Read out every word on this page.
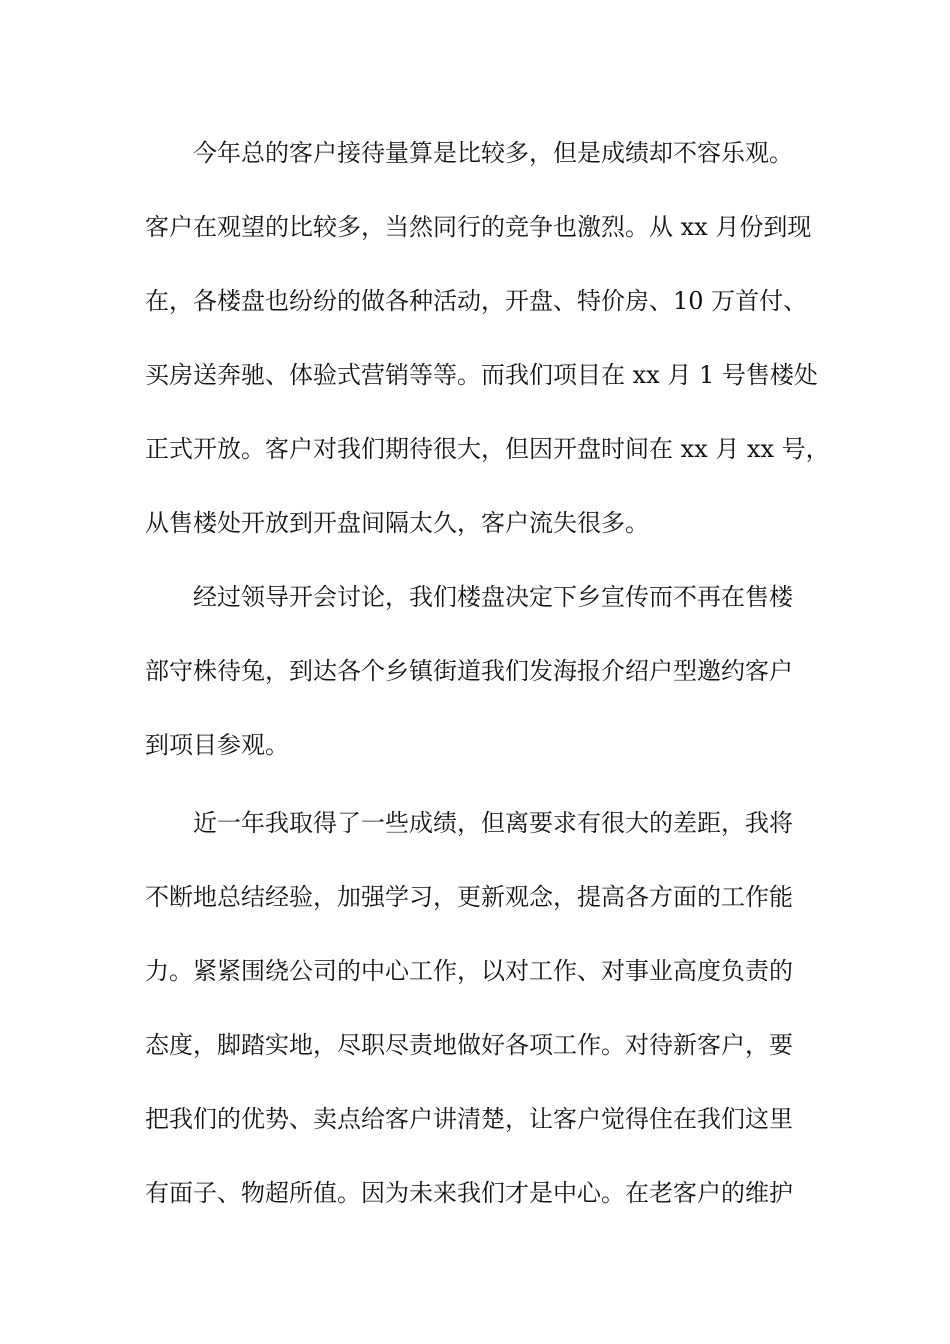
今年总的客户接待量算是比较多，但是成绩却不容乐观。
客户在观望的比较多，当然同行的竞争也激烈。从 xx 月份到现
在，各楼盘也纷纷的做各种活动，开盘、特价房、10 万首付、
买房送奔驰、体验式营销等等。而我们项目在 xx 月 1 号售楼处
正式开放。客户对我们期待很大，但因开盘时间在 xx 月 xx 号，
从售楼处开放到开盘间隔太久，客户流失很多。
经过领导开会讨论，我们楼盘决定下乡宣传而不再在售楼
部守株待兔，到达各个乡镇街道我们发海报介绍户型邀约客户
到项目参观。
近一年我取得了一些成绩，但离要求有很大的差距，我将
不断地总结经验，加强学习，更新观念，提高各方面的工作能
力。紧紧围绕公司的中心工作，以对工作、对事业高度负责的
态度，脚踏实地，尽职尽责地做好各项工作。对待新客户，要
把我们的优势、卖点给客户讲清楚，让客户觉得住在我们这里
有面子、物超所值。因为未来我们才是中心。在老客户的维护
